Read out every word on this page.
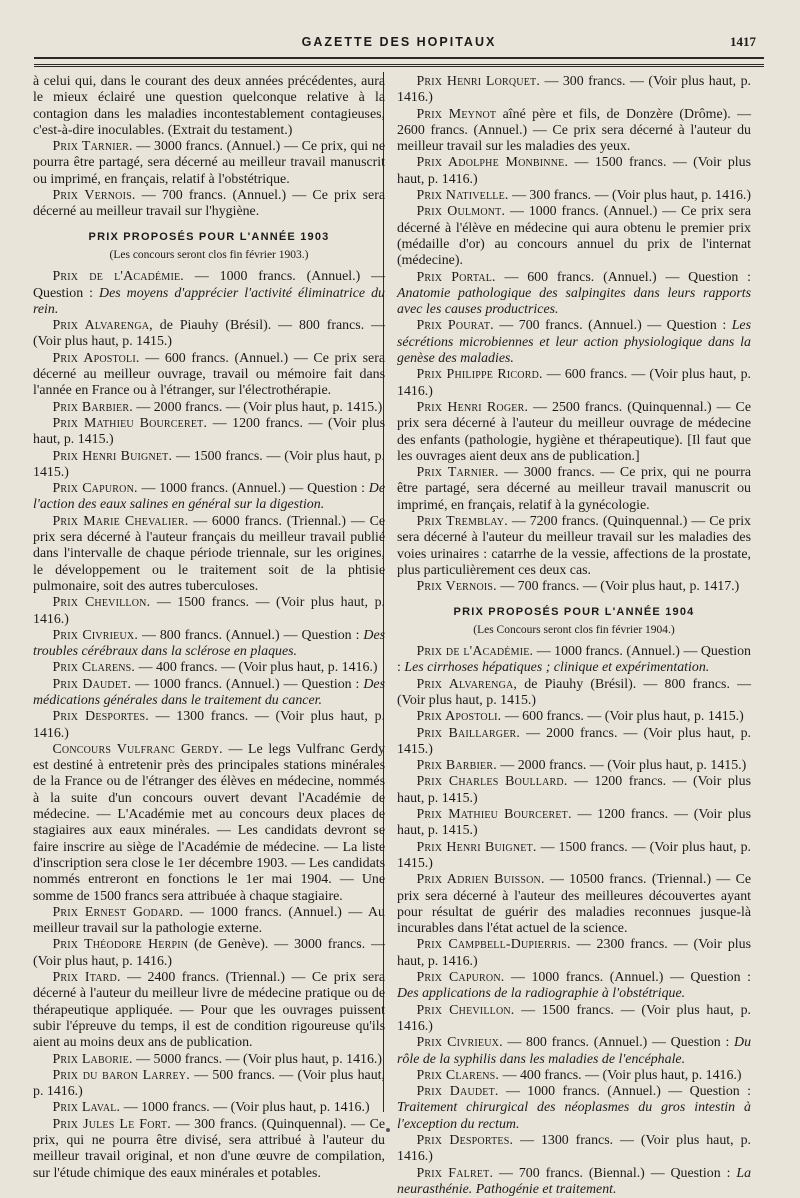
GAZETTE DES HOPITAUX	1417

à celui qui, dans le courant des deux années précédentes, aura le mieux éclairé une question quelconque relative à la contagion dans les maladies incontestablement contagieuses, c'est-à-dire inoculables. (Extrait du testament.)

Prix Tarnier. — 3000 francs. (Annuel.) — Ce prix, qui ne pourra être partagé, sera décerné au meilleur travail manuscrit ou imprimé, en français, relatif à l'obstétrique.

Prix Vernois. — 700 francs. (Annuel.) — Ce prix sera décerné au meilleur travail sur l'hygiène.

PRIX PROPOSÉS POUR L'ANNÉE 1903

(Les concours seront clos fin février 1903.)

Prix de l'Académie. — 1000 francs. (Annuel.) — Question : Des moyens d'apprécier l'activité éliminatrice du rein.

Prix Alvarenga, de Piauhy (Brésil). — 800 francs. — (Voir plus haut, p. 1415.)

Prix Apostoli. — 600 francs. (Annuel.) — Ce prix sera décerné au meilleur ouvrage, travail ou mémoire fait dans l'année en France ou à l'étranger, sur l'électrothérapie.

Prix Barbier. — 2000 francs. — (Voir plus haut, p. 1415.)

Prix Mathieu Bourceret. — 1200 francs. — (Voir plus haut, p. 1415.)

Prix Henri Buignet. — 1500 francs. — (Voir plus haut, p. 1415.)

Prix Capuron. — 1000 francs. (Annuel.) — Question : De l'action des eaux salines en général sur la digestion.

Prix Marie Chevalier. — 6000 francs. (Triennal.) — Ce prix sera décerné à l'auteur français du meilleur travail publié dans l'intervalle de chaque période triennale, sur les origines, le développement ou le traitement soit de la phtisie pulmonaire, soit des autres tuberculoses.

Prix Chevillon. — 1500 francs. — (Voir plus haut, p. 1416.)

Prix Civrieux. — 800 francs. (Annuel.) — Question : Des troubles cérébraux dans la sclérose en plaques.

Prix Clarens. — 400 francs. — (Voir plus haut, p. 1416.)

Prix Daudet. — 1000 francs. (Annuel.) — Question : Des médications générales dans le traitement du cancer.

Prix Desportes. — 1300 francs. — (Voir plus haut, p. 1416.)

Concours Vulfranc Gerdy. — Le legs Vulfranc Gerdy est destiné à entretenir près des principales stations minérales de la France ou de l'étranger des élèves en médecine, nommés à la suite d'un concours ouvert devant l'Académie de médecine. — L'Académie met au concours deux places de stagiaires aux eaux minérales. — Les candidats devront se faire inscrire au siège de l'Académie de médecine. — La liste d'inscription sera close le 1er décembre 1903. — Les candidats nommés entreront en fonctions le 1er mai 1904. — Une somme de 1500 francs sera attribuée à chaque stagiaire.

Prix Ernest Godard. — 1000 francs. (Annuel.) — Au meilleur travail sur la pathologie externe.

Prix Théodore Herpin (de Genève). — 3000 francs. — (Voir plus haut, p. 1416.)

Prix Itard. — 2400 francs. (Triennal.) — Ce prix sera décerné à l'auteur du meilleur livre de médecine pratique ou de thérapeutique appliquée. — Pour que les ouvrages puissent subir l'épreuve du temps, il est de condition rigoureuse qu'ils aient au moins deux ans de publication.

Prix Laborie. — 5000 francs. — (Voir plus haut, p. 1416.)

Prix du baron Larrey. — 500 francs. — (Voir plus haut, p. 1416.)

Prix Laval. — 1000 francs. — (Voir plus haut, p. 1416.)

Prix Jules Le Fort. — 300 francs. (Quinquennal). — Ce prix, qui ne pourra être divisé, sera attribué à l'auteur du meilleur travail original, et non d'une œuvre de compilation, sur l'étude chimique des eaux minérales et potables.

Prix Henri Lorquet. — 300 francs. — (Voir plus haut, p. 1416.)

Prix Meynot aîné père et fils, de Donzère (Drôme). — 2600 francs. (Annuel.) — Ce prix sera décerné à l'auteur du meilleur travail sur les maladies des yeux.

Prix Adolphe Monbinne. — 1500 francs. — (Voir plus haut, p. 1416.)

Prix Nativelle. — 300 francs. — (Voir plus haut, p. 1416.)

Prix Oulmont. — 1000 francs. (Annuel.) — Ce prix sera décerné à l'élève en médecine qui aura obtenu le premier prix (médaille d'or) au concours annuel du prix de l'internat (médecine).

Prix Portal. — 600 francs. (Annuel.) — Question : Anatomie pathologique des salpingites dans leurs rapports avec les causes productrices.

Prix Pourat. — 700 francs. (Annuel.) — Question : Les sécrétions microbiennes et leur action physiologique dans la genèse des maladies.

Prix Philippe Ricord. — 600 francs. — (Voir plus haut, p. 1416.)

Prix Henri Roger. — 2500 francs. (Quinquennal.) — Ce prix sera décerné à l'auteur du meilleur ouvrage de médecine des enfants (pathologie, hygiène et thérapeutique). [Il faut que les ouvrages aient deux ans de publication.]

Prix Tarnier. — 3000 francs. — Ce prix, qui ne pourra être partagé, sera décerné au meilleur travail manuscrit ou imprimé, en français, relatif à la gynécologie.

Prix Tremblay. — 7200 francs. (Quinquennal.) — Ce prix sera décerné à l'auteur du meilleur travail sur les maladies des voies urinaires : catarrhe de la vessie, affections de la prostate, plus particulièrement ces deux cas.

Prix Vernois. — 700 francs. — (Voir plus haut, p. 1417.)

PRIX PROPOSÉS POUR L'ANNÉE 1904

(Les Concours seront clos fin février 1904.)

Prix de l'Académie. — 1000 francs. (Annuel.) — Question : Les cirrhoses hépatiques ; clinique et expérimentation.

Prix Alvarenga, de Piauhy (Brésil). — 800 francs. — (Voir plus haut, p. 1415.)

Prix Apostoli. — 600 francs. — (Voir plus haut, p. 1415.)

Prix Baillarger. — 2000 francs. — (Voir plus haut, p. 1415.)

Prix Barbier. — 2000 francs. — (Voir plus haut, p. 1415.)

Prix Charles Boullard. — 1200 francs. — (Voir plus haut, p. 1415.)

Prix Mathieu Bourceret. — 1200 francs. — (Voir plus haut, p. 1415.)

Prix Henri Buignet. — 1500 francs. — (Voir plus haut, p. 1415.)

Prix Adrien Buisson. — 10500 francs. (Triennal.) — Ce prix sera décerné à l'auteur des meilleures découvertes ayant pour résultat de guérir des maladies reconnues jusque-là incurables dans l'état actuel de la science.

Prix Campbell-Dupierris. — 2300 francs. — (Voir plus haut, p. 1416.)

Prix Capuron. — 1000 francs. (Annuel.) — Question : Des applications de la radiographie à l'obstétrique.

Prix Chevillon. — 1500 francs. — (Voir plus haut, p. 1416.)

Prix Civrieux. — 800 francs. (Annuel.) — Question : Du rôle de la syphilis dans les maladies de l'encéphale.

Prix Clarens. — 400 francs. — (Voir plus haut, p. 1416.)

Prix Daudet. — 1000 francs. (Annuel.) — Question : Traitement chirurgical des néoplasmes du gros intestin à l'exception du rectum.

Prix Desportes. — 1300 francs. — (Voir plus haut, p. 1416.)

Prix Falret. — 700 francs. (Biennal.) — Question : La neurasthénie. Pathogénie et traitement.
